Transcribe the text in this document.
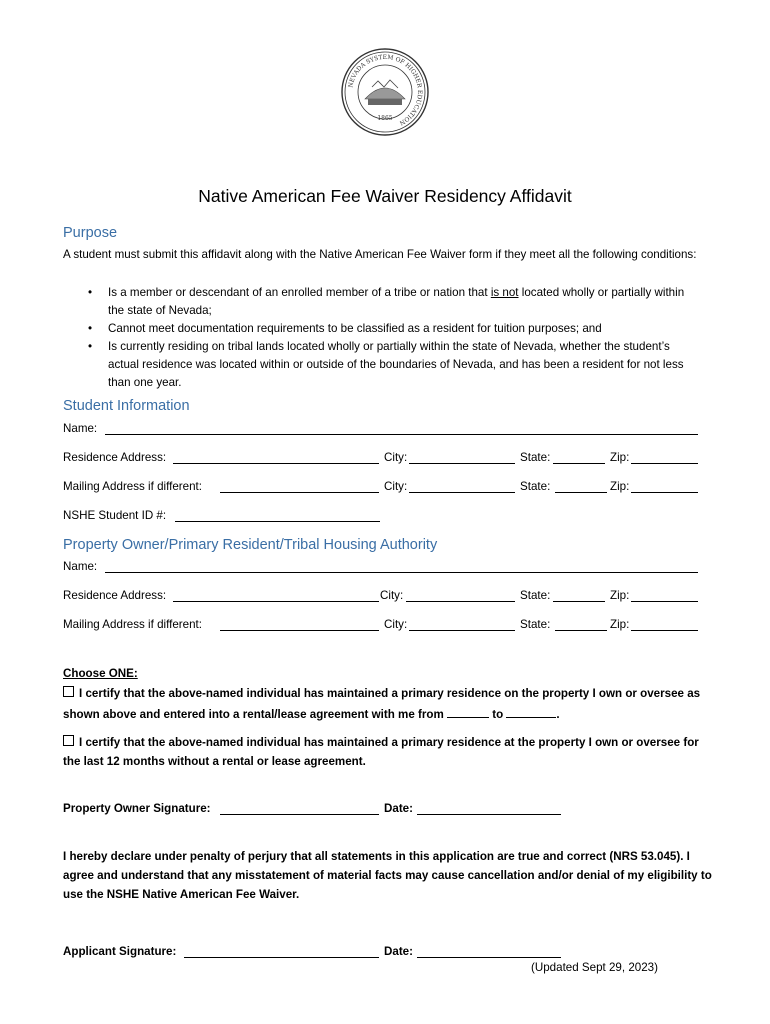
NEVADA SYSTEM OF HIGHER EDUCATION
1865
Native American Fee Waiver Residency Affidavit
Purpose
A student must submit this affidavit along with the Native American Fee Waiver form if they meet all the following conditions:
• Is a member or descendant of an enrolled member of a tribe or nation that is not located wholly or partially within the state of Nevada;
• Cannot meet documentation requirements to be classified as a resident for tuition purposes; and
• Is currently residing on tribal lands located wholly or partially within the state of Nevada, whether the student’s actual residence was located within or outside of the boundaries of Nevada, and has been a resident for not less than one year.
Student Information
Name:
Residence Address:	City:	State:	Zip:
Mailing Address if different:	City:	State:	Zip:
NSHE Student ID #:
Property Owner/Primary Resident/Tribal Housing Authority
Name:
Residence Address:	City:	State:	Zip:
Mailing Address if different:	City:	State:	Zip:
Choose ONE:
I certify that the above-named individual has maintained a primary residence on the property I own or oversee as shown above and entered into a rental/lease agreement with me from	to	.
I certify that the above-named individual has maintained a primary residence at the property I own or oversee for the last 12 months without a rental or lease agreement.
Property Owner Signature:	Date:
I hereby declare under penalty of perjury that all statements in this application are true and correct (NRS 53.045). I agree and understand that any misstatement of material facts may cause cancellation and/or denial of my eligibility to use the NSHE Native American Fee Waiver.
Applicant Signature:	Date:
(Updated Sept 29, 2023)
